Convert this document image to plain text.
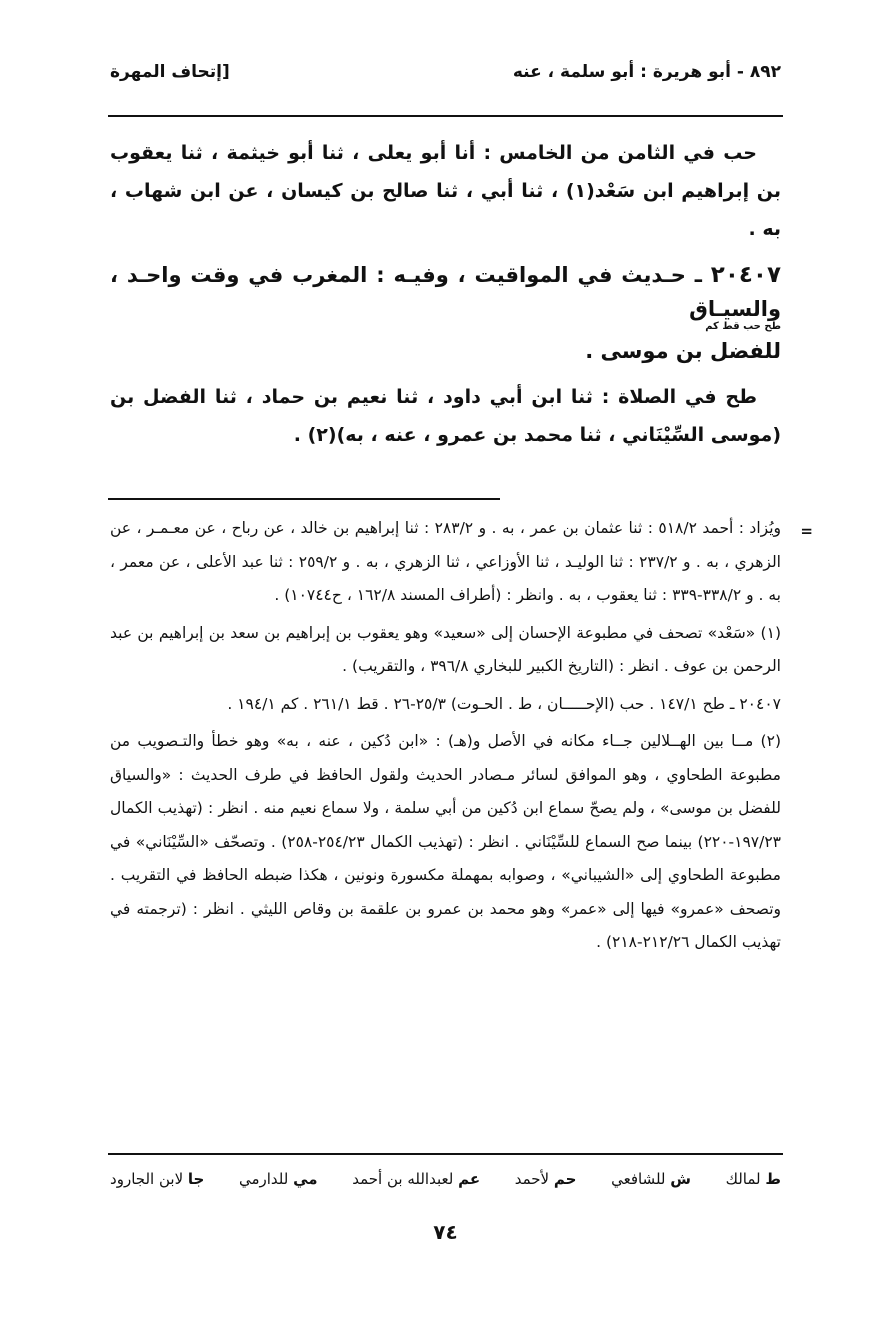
٨٩٢ - أبو هريرة : أبو سلمة ، عنه
[إتحاف المهرة

حب في الثامن من الخامس : أنا أبو يعلى ، ثنا أبو خيثمة ، ثنا يعقوب بن إبراهيم ابن سَعْد(١) ، ثنا أبي ، ثنا صالح بن كيسان ، عن ابن شهاب ، به .

٢٠٤٠٧ ـ حـديث في المواقيت ، وفيـه : المغرب في وقت واحـد ، والسيـاق
طح حب قط كم
للفضل بن موسى .

طح في الصلاة : ثنا ابن أبي داود ، ثنا نعيم بن حماد ، ثنا الفضل بن (موسى السِّيْنَاني ، ثنا محمد بن عمرو ، عنه ، به)(٢) .

=

ويُزاد : أحمد ٥١٨/٢ : ثنا عثمان بن عمر ، به . و ٢٨٣/٢ : ثنا إبراهيم بن خالد ، عن رباح ، عن معـمـر ، عن الزهري ، به . و ٢٣٧/٢ : ثنا الوليـد ، ثنا الأوزاعي ، ثنا الزهري ، به . و ٢٥٩/٢ : ثنا عبد الأعلى ، عن معمر ، به . و ٣٣٨/٢-٣٣٩ : ثنا يعقوب ، به . وانظر : (أطراف المسند ١٦٢/٨ ، ح١٠٧٤٤) .

(١) «سَعْد» تصحف في مطبوعة الإحسان إلى «سعيد» وهو يعقوب بن إبراهيم بن سعد بن إبراهيم بن عبد الرحمن بن عوف . انظر : (التاريخ الكبير للبخاري ٣٩٦/٨ ، والتقريب) .

٢٠٤٠٧ ـ طح ١٤٧/١ . حب (الإحـــــان ، ط . الحـوت) ٢٥/٣-٢٦ . قط ٢٦١/١ . كم ١٩٤/١ .

(٢) مــا بين الهــلالين جــاء مكانه في الأصل و(هـ) : «ابن دُكين ، عنه ، به» وهو خطأ والتـصويب من مطبوعة الطحاوي ، وهو الموافق لسائر مـصادر الحديث ولقول الحافظ في طرف الحديث : «والسياق للفضل بن موسى» ، ولم يصحّ سماع ابن دُكين من أبي سلمة ، ولا سماع نعيم منه . انظر : (تهذيب الكمال ١٩٧/٢٣-٢٢٠) بينما صح السماع للسِّيْنَاني . انظر : (تهذيب الكمال ٢٥٤/٢٣-٢٥٨) . وتصحّف «السِّيْنَاني» في مطبوعة الطحاوي إلى «الشيباني» ، وصوابه بمهملة مكسورة ونونين ، هكذا ضبطه الحافظ في التقريب . وتصحف «عمرو» فيها إلى «عمر» وهو محمد بن عمرو بن علقمة بن وقاص الليثي . انظر : (ترجمته في تهذيب الكمال ٢١٢/٢٦-٢١٨) .

ط لمالك
ش للشافعي
حم لأحمد
عم لعبدالله بن أحمد
مي للدارمي
جا لابن الجارود
٧٤
